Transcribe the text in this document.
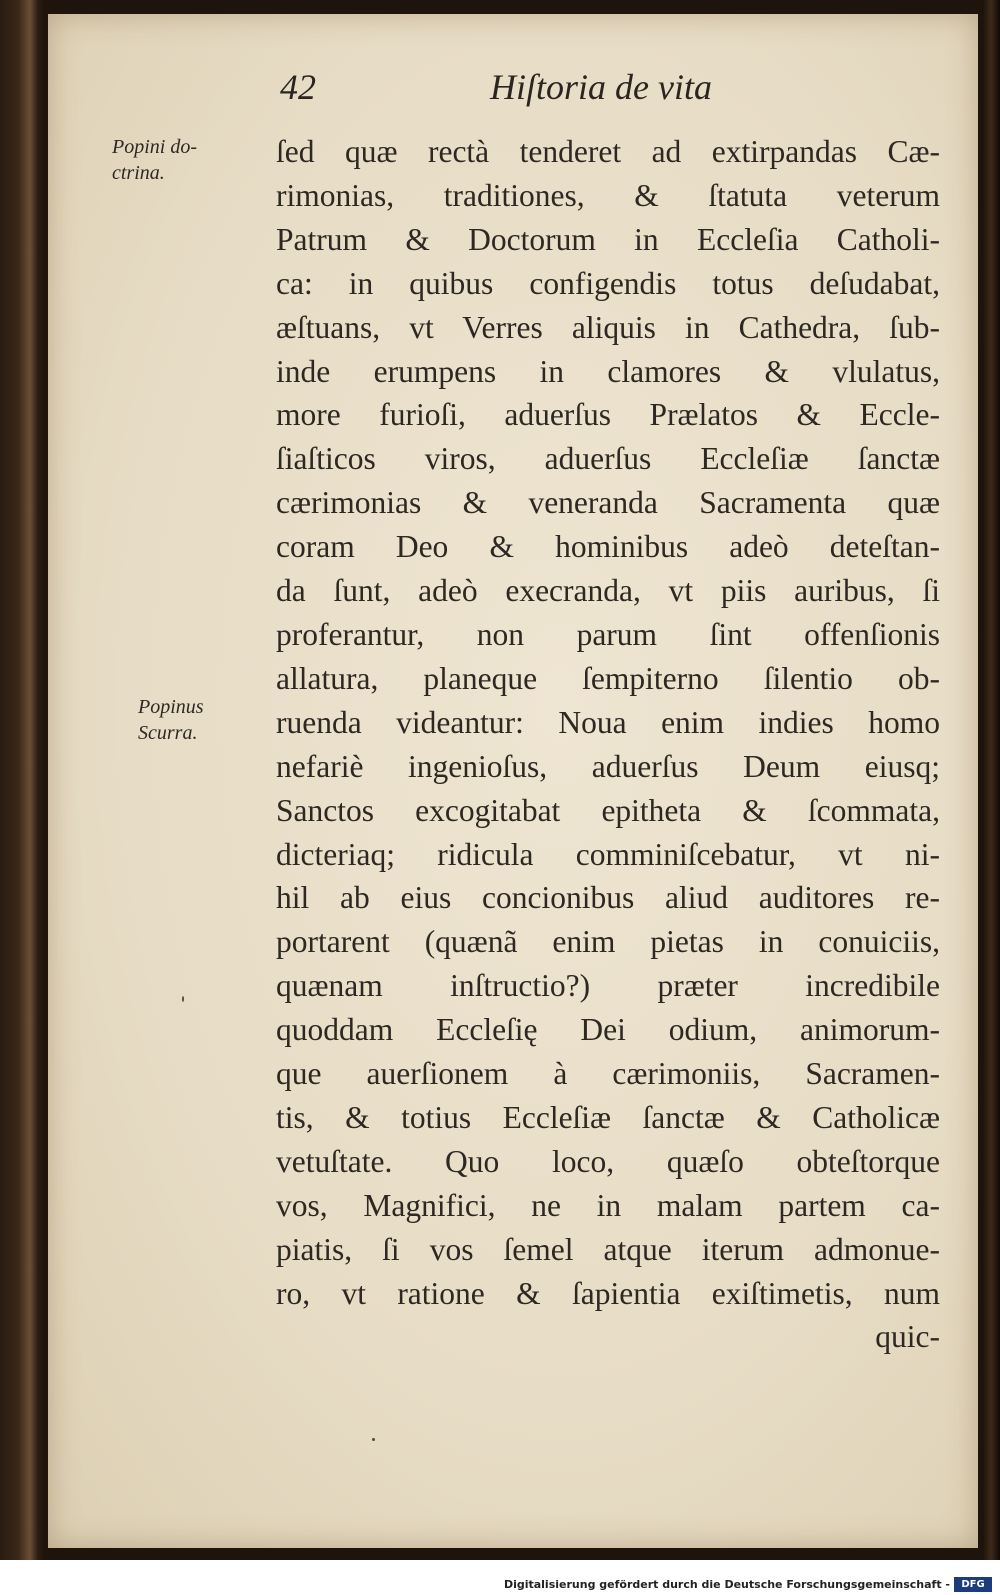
42	Hiſtoria de vita
Popini do-
ctrina.
Popinus
Scurra.
ſed quæ rectà tenderet ad extirpandas Cæ-
rimonias, traditiones, & ſtatuta veterum
Patrum & Doctorum in Eccleſia Catholi-
ca: in quibus configendis totus deſudabat,
æſtuans, vt Verres aliquis in Cathedra, ſub-
inde erumpens in clamores & vlulatus,
more furioſi, aduerſus Prælatos & Eccle-
ſiaſticos viros, aduerſus Eccleſiæ ſanctæ
cærimonias & veneranda Sacramenta quæ
coram Deo & hominibus adeò deteſtan-
da ſunt, adeò execranda, vt piis auribus, ſi
proferantur, non parum ſint offenſionis
allatura, planeque ſempiterno ſilentio ob-
ruenda videantur: Noua enim indies homo
nefariè ingenioſus, aduerſus Deum eiusq;
Sanctos excogitabat epitheta & ſcommata,
dicteriaq; ridicula comminiſcebatur, vt ni-
hil ab eius concionibus aliud auditores re-
portarent (quænã enim pietas in conuiciis,
quænam inſtructio?) præter incredibile
quoddam Eccleſię Dei odium, animorum-
que auerſionem à cærimoniis, Sacramen-
tis, & totius Eccleſiæ ſanctæ & Catholicæ
vetuſtate. Quo loco, quæſo obteſtorque
vos, Magnifici, ne in malam partem ca-
piatis, ſi vos ſemel atque iterum admonue-
ro, vt ratione & ſapientia exiſtimetis, num
quic-
Digitalisierung gefördert durch die Deutsche Forschungsgemeinschaft -	DFG
